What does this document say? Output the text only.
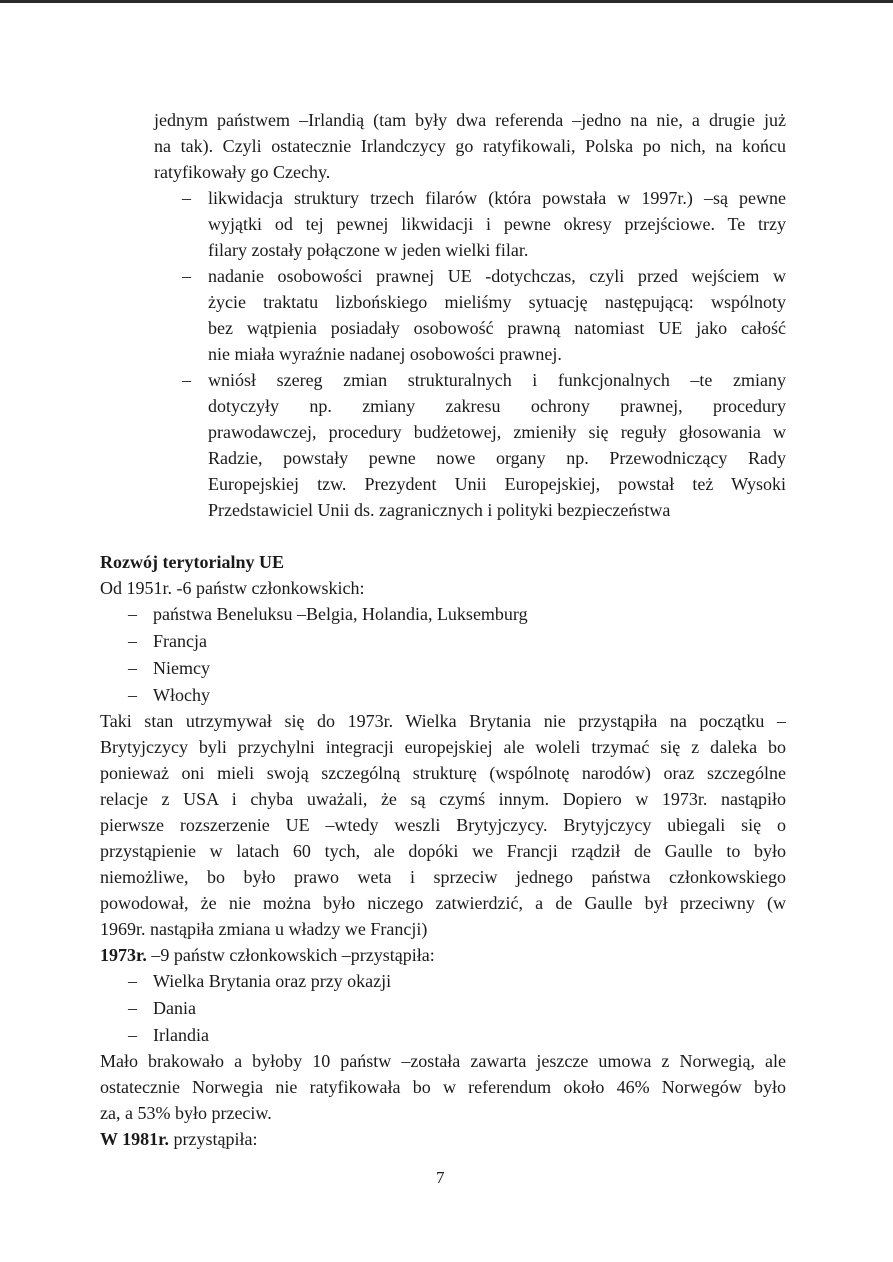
jednym państwem –Irlandią (tam były dwa referenda –jedno na nie, a drugie już
na tak). Czyli ostatecznie Irlandczycy go ratyfikowali, Polska po nich, na końcu
ratyfikowały go Czechy.
– likwidacja struktury trzech filarów (która powstała w 1997r.) –są pewne
wyjątki od tej pewnej likwidacji i pewne okresy przejściowe. Te trzy
filary zostały połączone w jeden wielki filar.
– nadanie osobowości prawnej UE -dotychczas, czyli przed wejściem w
życie traktatu lizbońskiego mieliśmy sytuację następującą: wspólnoty
bez wątpienia posiadały osobowość prawną natomiast UE jako całość
nie miała wyraźnie nadanej osobowości prawnej.
– wniósł szereg zmian strukturalnych i funkcjonalnych –te zmiany
dotyczyły np. zmiany zakresu ochrony prawnej, procedury
prawodawczej, procedury budżetowej, zmieniły się reguły głosowania w
Radzie, powstały pewne nowe organy np. Przewodniczący Rady
Europejskiej tzw. Prezydent Unii Europejskiej, powstał też Wysoki
Przedstawiciel Unii ds. zagranicznych i polityki bezpieczeństwa
Rozwój terytorialny UE
Od 1951r. -6 państw członkowskich:
– państwa Beneluksu –Belgia, Holandia, Luksemburg
– Francja
– Niemcy
– Włochy
Taki stan utrzymywał się do 1973r. Wielka Brytania nie przystąpiła na początku –
Brytyjczycy byli przychylni integracji europejskiej ale woleli trzymać się z daleka bo
ponieważ oni mieli swoją szczególną strukturę (wspólnotę narodów) oraz szczególne
relacje z USA i chyba uważali, że są czymś innym. Dopiero w 1973r. nastąpiło
pierwsze rozszerzenie UE –wtedy weszli Brytyjczycy. Brytyjczycy ubiegali się o
przystąpienie w latach 60 tych, ale dopóki we Francji rządził de Gaulle to było
niemożliwe, bo było prawo weta i sprzeciw jednego państwa członkowskiego
powodował, że nie można było niczego zatwierdzić, a de Gaulle był przeciwny (w
1969r. nastąpiła zmiana u władzy we Francji)
1973r. –9 państw członkowskich –przystąpiła:
– Wielka Brytania oraz przy okazji
– Dania
– Irlandia
Mało brakowało a byłoby 10 państw –została zawarta jeszcze umowa z Norwegią, ale
ostatecznie Norwegia nie ratyfikowała bo w referendum około 46% Norwegów było
za, a 53% było przeciw.
W 1981r. przystąpiła:
7
